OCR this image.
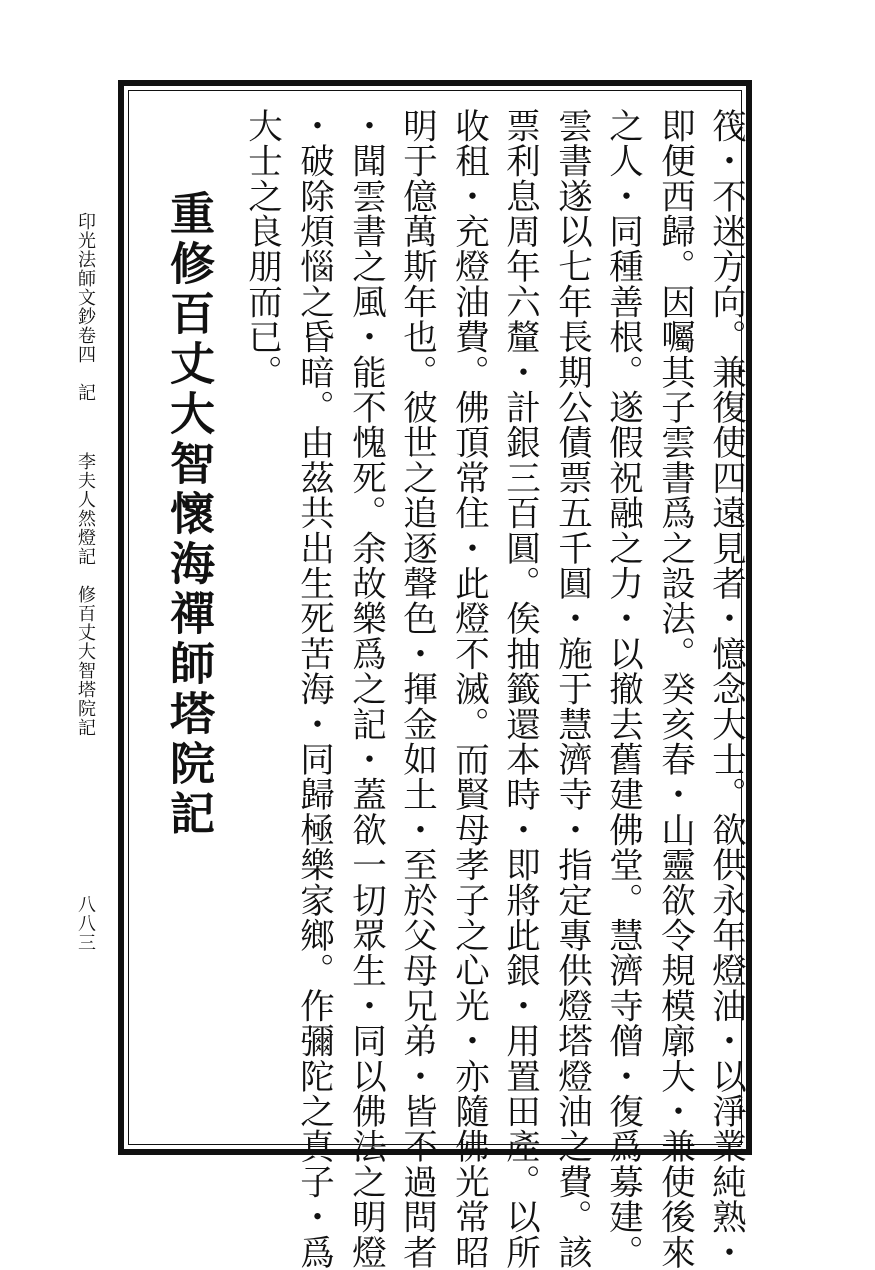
印光法師文鈔卷四　記
李夫人然燈記　修百丈大智塔院記
八八三	筏・不迷方向。兼復使四遠見者・憶念大士。欲供永年燈油・以淨業純熟・
即便西歸。因囑其子雲書爲之設法。癸亥春・山靈欲令規模廓大・兼使後來
之人・同種善根。遂假祝融之力・以撤去舊建佛堂。慧濟寺僧・復爲募建。
雲書遂以七年長期公債票五千圓・施于慧濟寺・指定專供燈塔燈油之費。該
票利息周年六釐・計銀三百圓。俟抽籤還本時・即將此銀・用置田產。以所
收租・充燈油費。佛頂常住・此燈不滅。而賢母孝子之心光・亦隨佛光常昭
明于億萬斯年也。彼世之追逐聲色・揮金如土・至於父母兄弟・皆不過問者
・聞雲書之風・能不愧死。余故樂爲之記・蓋欲一切眾生・同以佛法之明燈
・破除煩惱之昏暗。由茲共出生死苦海・同歸極樂家鄉。作彌陀之真子・爲
大士之良朋而已。
重修百丈大智懷海禪師塔院記
